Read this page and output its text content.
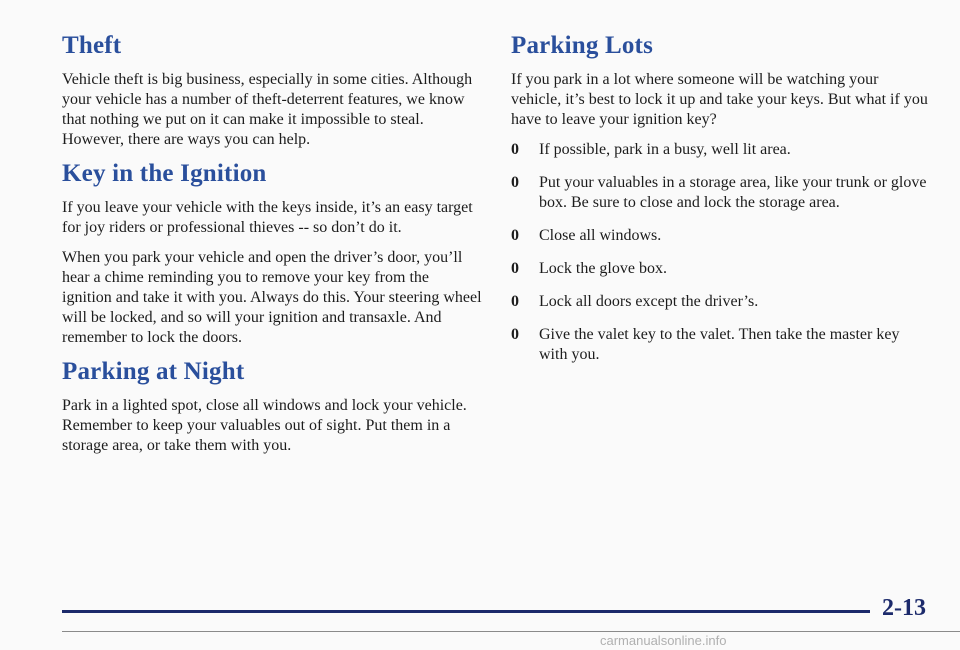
Theft

Vehicle theft is big business, especially in some cities. Although your vehicle has a number of theft-deterrent features, we know that nothing we put on it can make it impossible to steal. However, there are ways you can help.

Key in the Ignition

If you leave your vehicle with the keys inside, it’s an easy target for joy riders or professional thieves -- so don’t do it.

When you park your vehicle and open the driver’s door, you’ll hear a chime reminding you to remove your key from the ignition and take it with you. Always do this. Your steering wheel will be locked, and so will your ignition and transaxle. And remember to lock the doors.

Parking at Night

Park in a lighted spot, close all windows and lock your vehicle. Remember to keep your valuables out of sight. Put them in a storage area, or take them with you.

Parking Lots

If you park in a lot where someone will be watching your vehicle, it’s best to lock it up and take your keys. But what if you have to leave your ignition key?

0 If possible, park in a busy, well lit area.
0 Put your valuables in a storage area, like your trunk or glove box. Be sure to close and lock the storage area.
0 Close all windows.
0 Lock the glove box.
0 Lock all doors except the driver’s.
0 Give the valet key to the valet. Then take the master key with you.
2-13
carmanualsonline.info
